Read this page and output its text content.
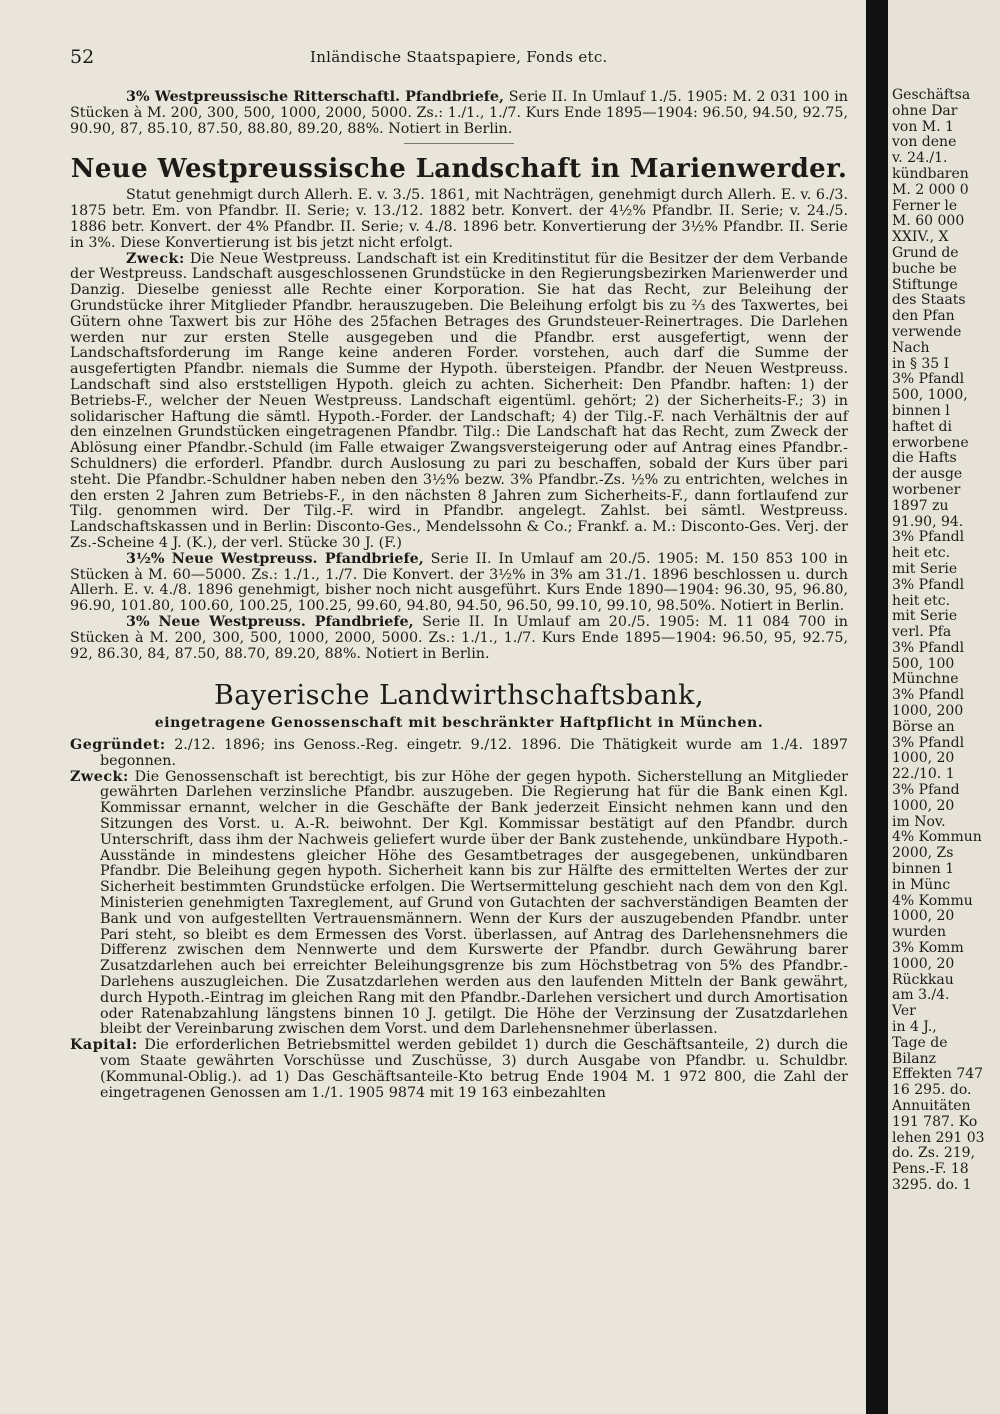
52	Inländische Staatspapiere, Fonds etc.

3% Westpreussische Ritterschaftl. Pfandbriefe, Serie II. In Umlauf 1./5. 1905: M. 2 031 100 in Stücken à M. 200, 300, 500, 1000, 2000, 5000. Zs.: 1./1., 1./7. Kurs Ende 1895—1904: 96.50, 94.50, 92.75, 90.90, 87, 85.10, 87.50, 88.80, 89.20, 88%. Notiert in Berlin.

Neue Westpreussische Landschaft in Marienwerder.

Statut genehmigt durch Allerh. E. v. 3./5. 1861, mit Nachträgen, genehmigt durch Allerh. E. v. 6./3. 1875 betr. Em. von Pfandbr. II. Serie; v. 13./12. 1882 betr. Konvert. der 4½% Pfandbr. II. Serie; v. 24./5. 1886 betr. Konvert. der 4% Pfandbr. II. Serie; v. 4./8. 1896 betr. Konvertierung der 3½% Pfandbr. II. Serie in 3%. Diese Konvertierung ist bis jetzt nicht erfolgt.

Zweck: Die Neue Westpreuss. Landschaft ist ein Kreditinstitut für die Besitzer der dem Verbande der Westpreuss. Landschaft ausgeschlossenen Grundstücke in den Regierungsbezirken Marienwerder und Danzig. Dieselbe geniesst alle Rechte einer Korporation. Sie hat das Recht, zur Beleihung der Grundstücke ihrer Mitglieder Pfandbr. herauszugeben. Die Beleihung erfolgt bis zu ⅔ des Taxwertes, bei Gütern ohne Taxwert bis zur Höhe des 25fachen Betrages des Grundsteuer-Reinertrages. Die Darlehen werden nur zur ersten Stelle ausgegeben und die Pfandbr. erst ausgefertigt, wenn der Landschaftsforderung im Range keine anderen Forder. vorstehen, auch darf die Summe der ausgefertigten Pfandbr. niemals die Summe der Hypoth. übersteigen. Pfandbr. der Neuen Westpreuss. Landschaft sind also erststelligen Hypoth. gleich zu achten. Sicherheit: Den Pfandbr. haften: 1) der Betriebs-F., welcher der Neuen Westpreuss. Landschaft eigentüml. gehört; 2) der Sicherheits-F.; 3) in solidarischer Haftung die sämtl. Hypoth.-Forder. der Landschaft; 4) der Tilg.-F. nach Verhältnis der auf den einzelnen Grundstücken eingetragenen Pfandbr. Tilg.: Die Landschaft hat das Recht, zum Zweck der Ablösung einer Pfandbr.-Schuld (im Falle etwaiger Zwangsversteigerung oder auf Antrag eines Pfandbr.-Schuldners) die erforderl. Pfandbr. durch Auslosung zu pari zu beschaffen, sobald der Kurs über pari steht. Die Pfandbr.-Schuldner haben neben den 3½% bezw. 3% Pfandbr.-Zs. ½% zu entrichten, welches in den ersten 2 Jahren zum Betriebs-F., in den nächsten 8 Jahren zum Sicherheits-F., dann fortlaufend zur Tilg. genommen wird. Der Tilg.-F. wird in Pfandbr. angelegt. Zahlst. bei sämtl. Westpreuss. Landschaftskassen und in Berlin: Disconto-Ges., Mendelssohn & Co.; Frankf. a. M.: Disconto-Ges. Verj. der Zs.-Scheine 4 J. (K.), der verl. Stücke 30 J. (F.)

3½% Neue Westpreuss. Pfandbriefe, Serie II. In Umlauf am 20./5. 1905: M. 150 853 100 in Stücken à M. 60—5000. Zs.: 1./1., 1./7. Die Konvert. der 3½% in 3% am 31./1. 1896 beschlossen u. durch Allerh. E. v. 4./8. 1896 genehmigt, bisher noch nicht ausgeführt. Kurs Ende 1890—1904: 96.30, 95, 96.80, 96.90, 101.80, 100.60, 100.25, 100.25, 99.60, 94.80, 94.50, 96.50, 99.10, 99.10, 98.50%. Notiert in Berlin.

3% Neue Westpreuss. Pfandbriefe, Serie II. In Umlauf am 20./5. 1905: M. 11 084 700 in Stücken à M. 200, 300, 500, 1000, 2000, 5000. Zs.: 1./1., 1./7. Kurs Ende 1895—1904: 96.50, 95, 92.75, 92, 86.30, 84, 87.50, 88.70, 89.20, 88%. Notiert in Berlin.

Bayerische Landwirthschaftsbank,
eingetragene Genossenschaft mit beschränkter Haftpflicht in München.

Gegründet: 2./12. 1896; ins Genoss.-Reg. eingetr. 9./12. 1896. Die Thätigkeit wurde am 1./4. 1897 begonnen.

Zweck: Die Genossenschaft ist berechtigt, bis zur Höhe der gegen hypoth. Sicherstellung an Mitglieder gewährten Darlehen verzinsliche Pfandbr. auszugeben. Die Regierung hat für die Bank einen Kgl. Kommissar ernannt, welcher in die Geschäfte der Bank jederzeit Einsicht nehmen kann und den Sitzungen des Vorst. u. A.-R. beiwohnt. Der Kgl. Kommissar bestätigt auf den Pfandbr. durch Unterschrift, dass ihm der Nachweis geliefert wurde über der Bank zustehende, unkündbare Hypoth.-Ausstände in mindestens gleicher Höhe des Gesamtbetrages der ausgegebenen, unkündbaren Pfandbr. Die Beleihung gegen hypoth. Sicherheit kann bis zur Hälfte des ermittelten Wertes der zur Sicherheit bestimmten Grundstücke erfolgen. Die Wertsermittelung geschieht nach dem von den Kgl. Ministerien genehmigten Taxreglement, auf Grund von Gutachten der sachverständigen Beamten der Bank und von aufgestellten Vertrauensmännern. Wenn der Kurs der auszugebenden Pfandbr. unter Pari steht, so bleibt es dem Ermessen des Vorst. überlassen, auf Antrag des Darlehensnehmers die Differenz zwischen dem Nennwerte und dem Kurswerte der Pfandbr. durch Gewährung barer Zusatzdarlehen auch bei erreichter Beleihungsgrenze bis zum Höchstbetrag von 5% des Pfandbr.-Darlehens auszugleichen. Die Zusatzdarlehen werden aus den laufenden Mitteln der Bank gewährt, durch Hypoth.-Eintrag im gleichen Rang mit den Pfandbr.-Darlehen versichert und durch Amortisation oder Ratenabzahlung längstens binnen 10 J. getilgt. Die Höhe der Verzinsung der Zusatzdarlehen bleibt der Vereinbarung zwischen dem Vorst. und dem Darlehensnehmer überlassen.

Kapital: Die erforderlichen Betriebsmittel werden gebildet 1) durch die Geschäftsanteile, 2) durch die vom Staate gewährten Vorschüsse und Zuschüsse, 3) durch Ausgabe von Pfandbr. u. Schuldbr. (Kommunal-Oblig.). ad 1) Das Geschäftsanteile-Kto betrug Ende 1904 M. 1 972 800, die Zahl der eingetragenen Genossen am 1./1. 1905 9874 mit 19 163 einbezahlten

Geschäftsa
ohne Dar
von M. 1
von dene
v. 24./1.
kündbaren
M. 2 000 0
Ferner le
M. 60 000
XXIV., X
Grund de
buche be
Stiftunge
des Staats
den Pfan
verwende
Nach
in § 35 I
3% Pfandl
500, 1000,
binnen l
haftet di
erworbene
die Hafts
der ausge
worbener
1897 zu
91.90, 94.
3% Pfandl
heit etc.
mit Serie
3% Pfandl
heit etc.
mit Serie
verl. Pfa
3% Pfandl
500, 100
Münchne
3% Pfandl
1000, 200
Börse an
3% Pfandl
1000, 20
22./10. 1
3% Pfand
1000, 20
im Nov.
4% Kommun
2000, Zs
binnen 1
in Münc
4% Kommu
1000, 20
wurden
3% Komm
1000, 20
Rückkau
am 3./4.
Ver
in 4 J.,
Tage de
Bilanz
Effekten 747
16 295. do.
Annuitäten
191 787. Ko
lehen 291 03
do. Zs. 219,
Pens.-F. 18
3295. do. 1
